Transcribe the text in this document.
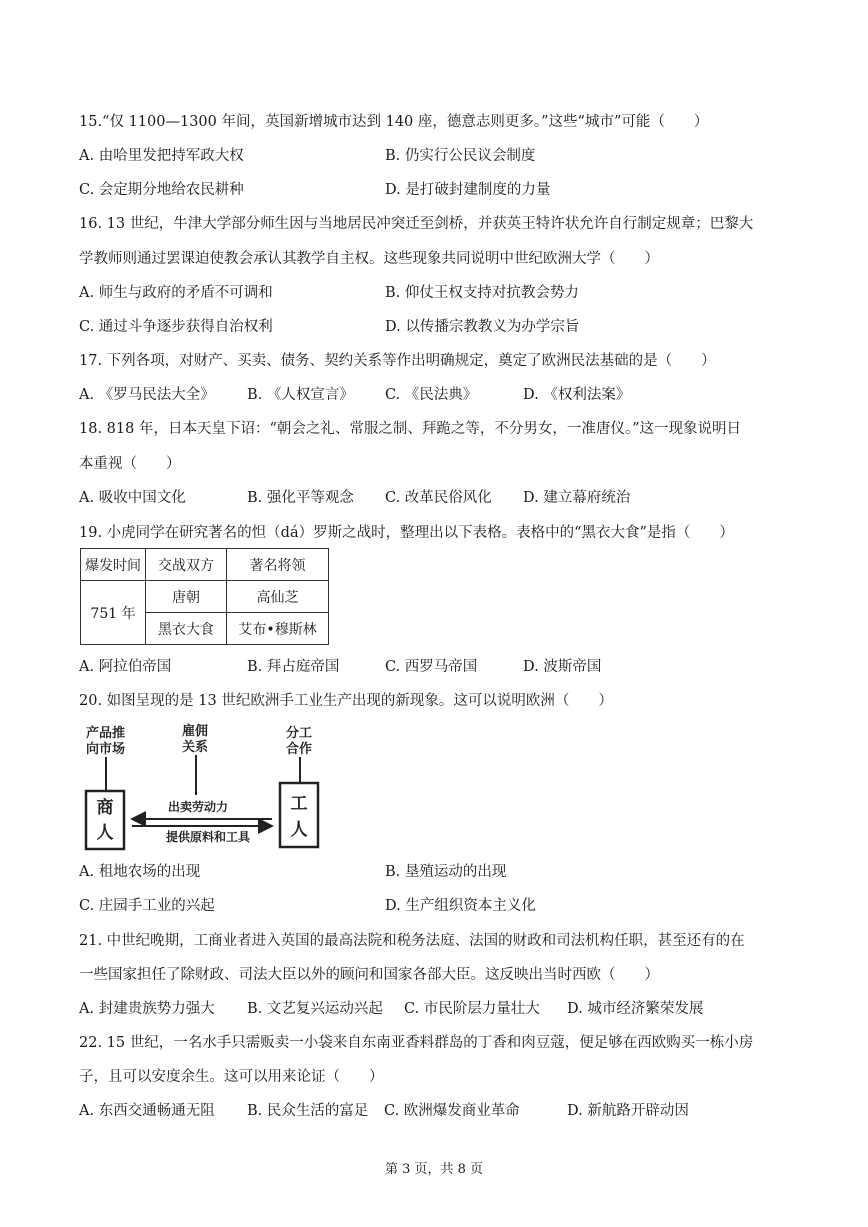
15.“仅 1100—1300 年间，英国新增城市达到 140 座，德意志则更多。”这些“城市”可能（　　）
A. 由哈里发把持军政大权	B. 仍实行公民议会制度
C. 会定期分地给农民耕种	D. 是打破封建制度的力量
16. 13 世纪，牛津大学部分师生因与当地居民冲突迁至剑桥，并获英王特许状允许自行制定规章；巴黎大
学教师则通过罢课迫使教会承认其教学自主权。这些现象共同说明中世纪欧洲大学（　　）
A. 师生与政府的矛盾不可调和	B. 仰仗王权支持对抗教会势力
C. 通过斗争逐步获得自治权利	D. 以传播宗教教义为办学宗旨
17. 下列各项，对财产、买卖、债务、契约关系等作出明确规定，奠定了欧洲民法基础的是（　　）
A. 《罗马民法大全》 B. 《人权宣言》 C. 《民法典》	D. 《权利法案》
18. 818 年，日本天皇下诏：“朝会之礼、常服之制、拜跪之等，不分男女，一准唐仪。”这一现象说明日
本重视（　　）
A. 吸收中国文化	B. 强化平等观念 C. 改革民俗风化 D. 建立幕府统治
19. 小虎同学在研究著名的怛（dá）罗斯之战时，整理出以下表格。表格中的“黑衣大食”是指（　　）
爆发时间	交战双方	著名将领
751 年	唐朝	高仙芝
	黑衣大食	艾布•穆斯林
A. 阿拉伯帝国	B. 拜占庭帝国	C. 西罗马帝国	D. 波斯帝国
20. 如图呈现的是 13 世纪欧洲手工业生产出现的新现象。这可以说明欧洲（　　）
产品推
向市场
雇佣
关系
分工
合作
商
人
工
人
出卖劳动力
提供原料和工具
A. 租地农场的出现	B. 垦殖运动的出现
C. 庄园手工业的兴起	D. 生产组织资本主义化
21. 中世纪晚期，工商业者进入英国的最高法院和税务法庭、法国的财政和司法机构任职，甚至还有的在
一些国家担任了除财政、司法大臣以外的顾问和国家各部大臣。这反映出当时西欧（　　）
A. 封建贵族势力强大 B. 文艺复兴运动兴起 C. 市民阶层力量壮大 D. 城市经济繁荣发展
22. 15 世纪，一名水手只需贩卖一小袋来自东南亚香料群岛的丁香和肉豆蔻，便足够在西欧购买一栋小房
子，且可以安度余生。这可以用来论证（　　）
A. 东西交通畅通无阻 B. 民众生活的富足 C. 欧洲爆发商业革命	D. 新航路开辟动因
第 3 页，共 8 页
